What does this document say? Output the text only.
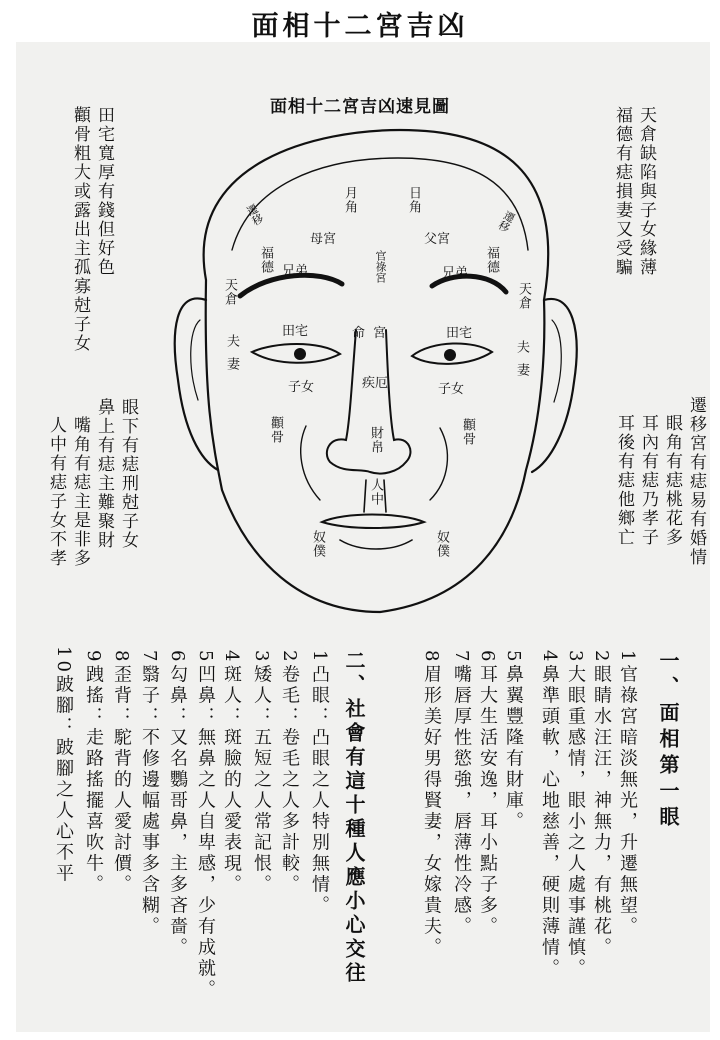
面相十二宮吉凶
面相十二宮吉凶速見圖
月角	日角
母宮	父宮
官祿宮
遷移	遷移
福德	福德
兄弟	兄弟
天倉	天倉
田宅	田宅
命宮
夫妻	夫妻
子女	子女
疾厄
顴骨	顴骨
財帛
人中
奴僕	奴僕
天倉缺陷與子女緣薄
福德有痣損妻又受騙
田宅寬厚有錢但好色
顴骨粗大或露出主孤寡尅子女
遷移宮有痣易有婚情
眼角有痣桃花多
耳內有痣乃孝子
耳後有痣他鄉亡
眼下有痣刑尅子女
鼻上有痣主難聚財
嘴角有痣主是非多
人中有痣子女不孝
一、面相第一眼
1官祿宮暗淡無光，升遷無望。
2眼睛水汪汪，神無力，有桃花。
3大眼重感情，眼小之人處事謹慎。
4鼻準頭軟，心地慈善，硬則薄情。
5鼻翼豐隆有財庫。
6耳大生活安逸，耳小點子多。
7嘴唇厚性慾強，唇薄性冷感。
8眉形美好男得賢妻，女嫁貴夫。
二、社會有這十種人應小心交往
1凸眼：凸眼之人特別無情。
2卷毛：卷毛之人多計較。
3矮人：五短之人常記恨。
4斑人：斑臉的人愛表現。
5凹鼻：無鼻之人自卑感，少有成就。
6勾鼻：又名鸚哥鼻，主多吝嗇。
7翳子：不修邊幅處事多含糊。
8歪背：駝背的人愛討價。
9跩搖：走路搖擺喜吹牛。
10跛腳：跛腳之人心不平
